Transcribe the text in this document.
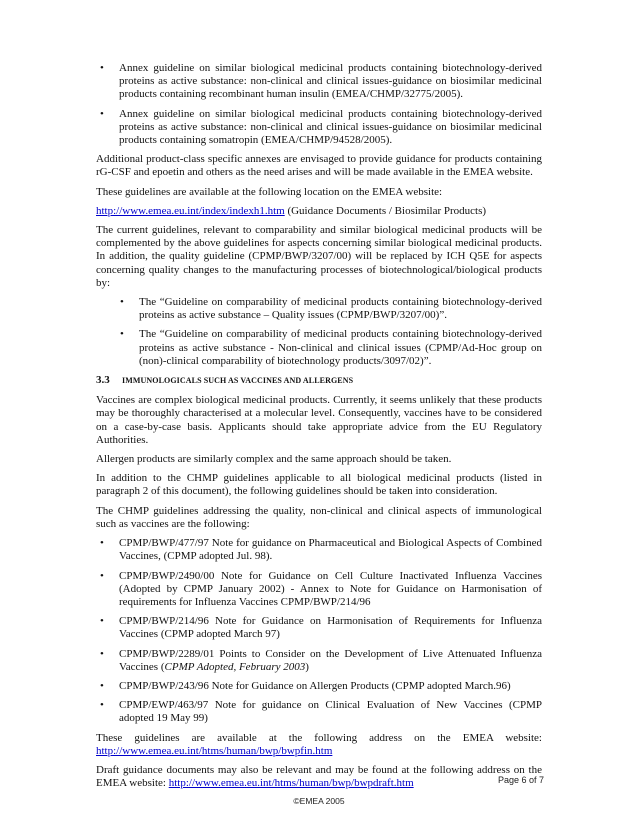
• Annex guideline on similar biological medicinal products containing biotechnology-derived proteins as active substance: non-clinical and clinical issues-guidance on biosimilar medicinal products containing recombinant human insulin (EMEA/CHMP/32775/2005).
• Annex guideline on similar biological medicinal products containing biotechnology-derived proteins as active substance: non-clinical and clinical issues-guidance on biosimilar medicinal products containing somatropin (EMEA/CHMP/94528/2005).

Additional product-class specific annexes are envisaged to provide guidance for products containing rG-CSF and epoetin and others as the need arises and will be made available in the EMEA website.

These guidelines are available at the following location on the EMEA website:

http://www.emea.eu.int/index/indexh1.htm (Guidance Documents / Biosimilar Products)

The current guidelines, relevant to comparability and similar biological medicinal products will be complemented by the above guidelines for aspects concerning similar biological medicinal products. In addition, the quality guideline (CPMP/BWP/3207/00) will be replaced by ICH Q5E for aspects concerning quality changes to the manufacturing processes of biotechnological/biological products by:

• The “Guideline on comparability of medicinal products containing biotechnology-derived proteins as active substance – Quality issues (CPMP/BWP/3207/00)”.
• The “Guideline on comparability of medicinal products containing biotechnology-derived proteins as active substance - Non-clinical and clinical issues (CPMP/Ad-Hoc group on (non)-clinical comparability of biotechnology products/3097/02)”.
3.3	IMMUNOLOGICALS SUCH AS VACCINES AND ALLERGENS

Vaccines are complex biological medicinal products. Currently, it seems unlikely that these products may be thoroughly characterised at a molecular level. Consequently, vaccines have to be considered on a case-by-case basis. Applicants should take appropriate advice from the EU Regulatory Authorities.

Allergen products are similarly complex and the same approach should be taken.

In addition to the CHMP guidelines applicable to all biological medicinal products (listed in paragraph 2 of this document), the following guidelines should be taken into consideration.

The CHMP guidelines addressing the quality, non-clinical and clinical aspects of immunological such as vaccines are the following:

• CPMP/BWP/477/97 Note for guidance on Pharmaceutical and Biological Aspects of Combined Vaccines, (CPMP adopted Jul. 98).
• CPMP/BWP/2490/00 Note for Guidance on Cell Culture Inactivated Influenza Vaccines (Adopted by CPMP January 2002) - Annex to Note for Guidance on Harmonisation of requirements for Influenza Vaccines CPMP/BWP/214/96
• CPMP/BWP/214/96 Note for Guidance on Harmonisation of Requirements for Influenza Vaccines (CPMP adopted March 97)
• CPMP/BWP/2289/01 Points to Consider on the Development of Live Attenuated Influenza Vaccines (CPMP Adopted, February 2003)
• CPMP/BWP/243/96 Note for Guidance on Allergen Products (CPMP adopted March.96)
• CPMP/EWP/463/97 Note for guidance on Clinical Evaluation of New Vaccines (CPMP adopted 19 May 99)

These guidelines are available at the following address on the EMEA website:
http://www.emea.eu.int/htms/human/bwp/bwpfin.htm

Draft guidance documents may also be relevant and may be found at the following address on the EMEA website: http://www.emea.eu.int/htms/human/bwp/bwpdraft.htm	Page 6 of 7
©EMEA 2005
